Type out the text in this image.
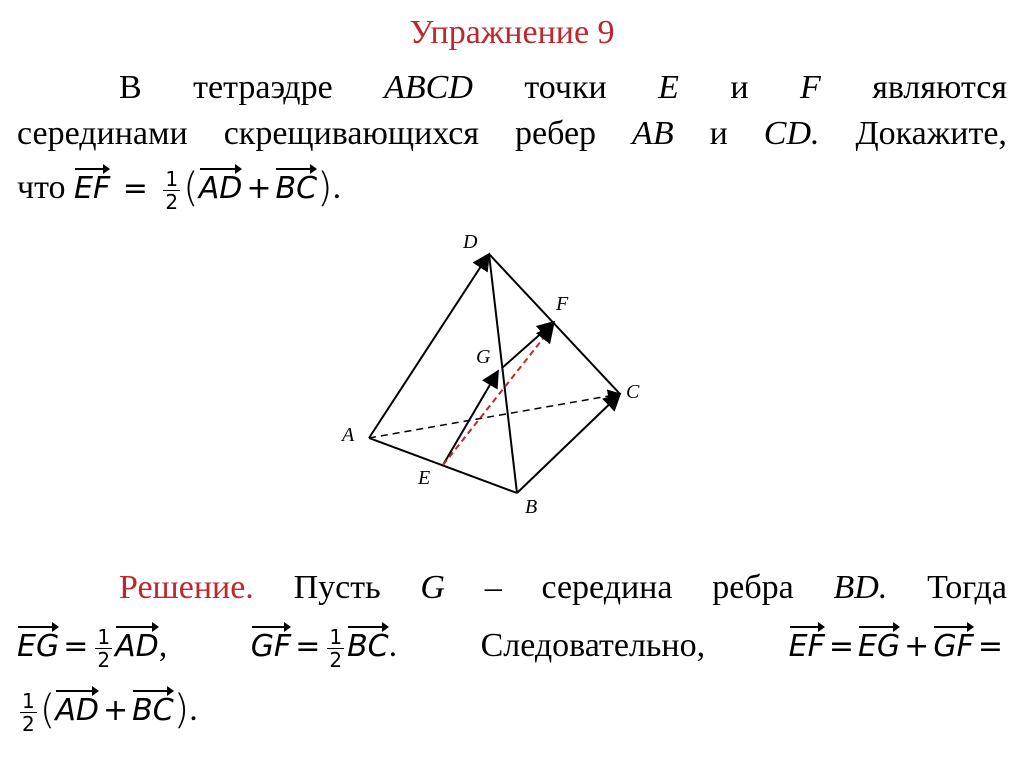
Упражнение 9
В тетраэдре ABCD точки E и F являются
серединами скрещивающихся ребер AB и CD. Докажите,
что EF = $\frac{1}{2} (AD + BC)$.
D
A
B
C
E
F
G
Решение. Пусть G – середина ребра BD. Тогда
EG = $\frac{1}{2}$ AD,	GF = $\frac{1}{2}$ BC. Следовательно,	EF = EG + GF =
$\frac{1}{2} (AD + BC)$.
